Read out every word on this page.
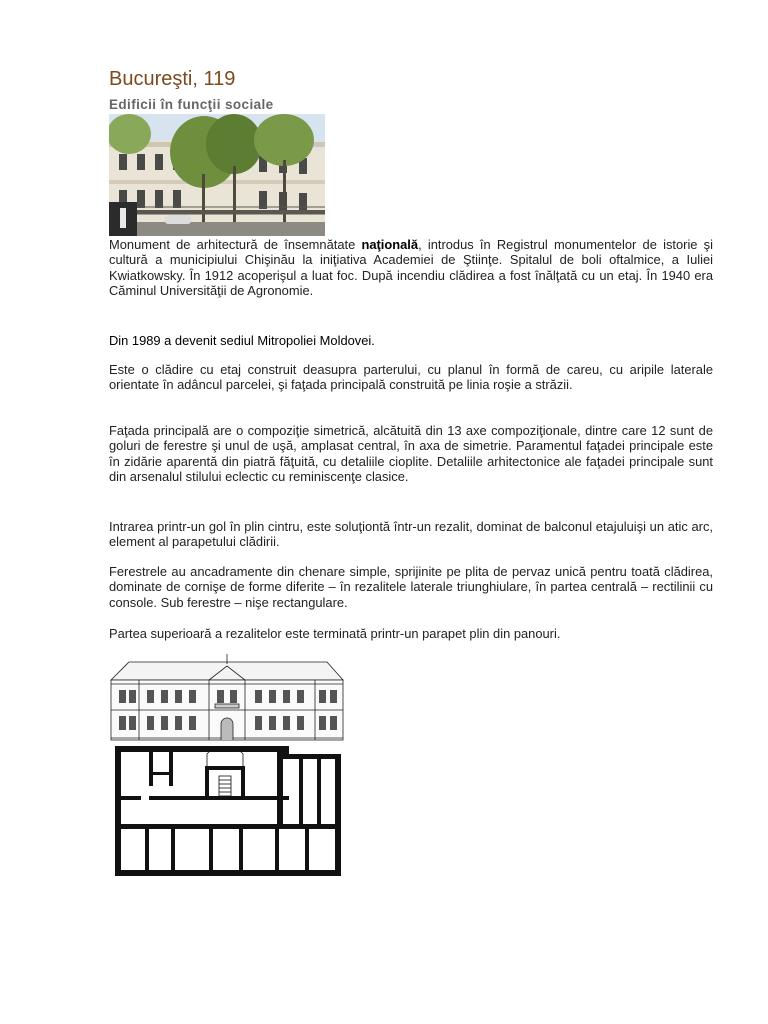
Bucureşti, 119
Edificii în funcţii sociale

Monument de arhitectură de însemnătate naţională, introdus în Registrul monumentelor de istorie şi cultură a municipiului Chişinău la iniţiativa Academiei de Ştiinţe. Spitalul de boli oftalmice, a Iuliei Kwiatkowsky. În 1912 acoperişul a luat foc. După incendiu clădirea a fost înălţată cu un etaj. În 1940 era Căminul Universităţii de Agronomie.

Din 1989 a devenit sediul Mitropoliei Moldovei.

Este o clădire cu etaj construit deasupra parterului, cu planul în formă de careu, cu aripile laterale orientate în adâncul parcelei, şi faţada principală construită pe linia roşie a străzii.

Faţada principală are o compoziţie simetrică, alcătuită din 13 axe compoziţionale, dintre care 12 sunt de goluri de ferestre şi unul de uşă, amplasat central, în axa de simetrie. Paramentul faţadei principale este în zidărie aparentă din piatră făţuită, cu detaliile cioplite. Detaliile arhitectonice ale faţadei principale sunt din arsenalul stilului eclectic cu reminiscenţe clasice.

Intrarea printr-un gol în plin cintru, este soluţiontă într-un rezalit, dominat de balconul etajuluişi un atic arc, element al parapetului clădirii.

Ferestrele au ancadramente din chenare simple, sprijinite pe plita de pervaz unică pentru toată clădirea, dominate de cornişe de forme diferite – în rezalitele laterale triunghiulare, în partea centrală – rectilinii cu console. Sub ferestre – nişe rectangulare.

Partea superioară a rezalitelor este terminată printr-un parapet plin din panouri.
